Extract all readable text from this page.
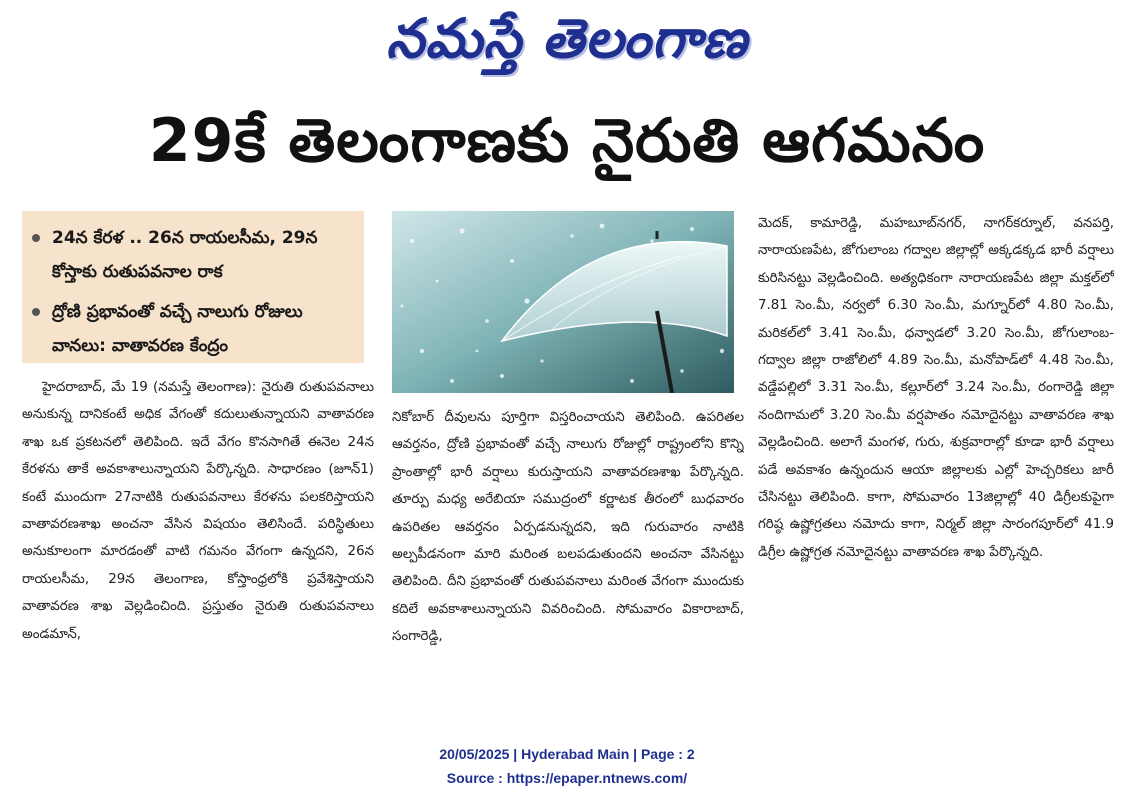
నమస్తే తెలంగాణ
29కే తెలంగాణకు నైరుతి ఆగమనం
24న కేరళ .. 26న రాయలసీమ, 29న కోస్తాకు రుతుపవనాల రాక
ద్రోణి ప్రభావంతో వచ్చే నాలుగు రోజులు వానలు: వాతావరణ కేంద్రం

హైదరాబాద్, మే 19 (నమస్తే తెలంగాణ): నైరుతి రుతుపవనాలు అనుకున్న దానికంటే అధిక వేగంతో కదులుతున్నాయని వాతావరణ శాఖ ఒక ప్రకటనలో తెలిపింది. ఇదే వేగం కొనసాగితే ఈనెల 24న కేరళను తాకే అవకాశాలున్నాయని పేర్కొన్నది. సాధారణం (జూన్1) కంటే ముందుగా 27నాటికి రుతుపవనాలు కేరళను పలకరిస్తాయని వాతావరణశాఖ అంచనా వేసిన విషయం తెలిసిందే. పరిస్థితులు అనుకూలంగా మారడంతో వాటి గమనం వేగంగా ఉన్నదని, 26న రాయలసీమ, 29న తెలంగాణ, కోస్తాంధ్రలోకి ప్రవేశిస్తాయని వాతావరణ శాఖ వెల్లడించింది. ప్రస్తుతం నైరుతి రుతుపవనాలు అండమాన్,

నికోబార్ దీవులను పూర్తిగా విస్తరించాయని తెలిపింది. ఉపరితల ఆవర్తనం, ద్రోణి ప్రభావంతో వచ్చే నాలుగు రోజుల్లో రాష్ట్రంలోని కొన్ని ప్రాంతాల్లో భారీ వర్షాలు కురుస్తాయని వాతావరణశాఖ పేర్కొన్నది. తూర్పు మధ్య అరేబియా సముద్రంలో కర్ణాటక తీరంలో బుధవారం ఉపరితల ఆవర్తనం ఏర్పడనున్నదని, ఇది గురువారం నాటికి అల్పపీడనంగా మారి మరింత బలపడుతుందని అంచనా వేసినట్టు తెలిపింది. దీని ప్రభావంతో రుతుపవనాలు మరింత వేగంగా ముందుకు కదిలే అవకాశాలున్నాయని వివరించింది. సోమవారం వికారాబాద్, సంగారెడ్డి,

మెదక్, కామారెడ్డి, మహబూబ్‌నగర్, నాగర్‌కర్నూల్, వనపర్తి, నారాయణపేట, జోగులాంబ గద్వాల జిల్లాల్లో అక్కడక్కడ భారీ వర్షాలు కురిసినట్టు వెల్లడించింది. అత్యధికంగా నారాయణపేట జిల్లా మక్తల్‌లో 7.81 సెం.మీ, నర్వలో 6.30 సెం.మీ, మగ్నూర్‌లో 4.80 సెం.మీ, మరికల్‌లో 3.41 సెం.మీ, ధన్వాడలో 3.20 సెం.మీ, జోగులాంబ-గద్వాల జిల్లా రాజోలిలో 4.89 సెం.మీ, మనోపాడ్‌లో 4.48 సెం.మీ, వడ్డేపల్లిలో 3.31 సెం.మీ, కల్లూర్‌లో 3.24 సెం.మీ, రంగారెడ్డి జిల్లా నందిగామలో 3.20 సెం.మీ వర్షపాతం నమోదైనట్టు వాతావరణ శాఖ వెల్లడించింది. అలాగే మంగళ, గురు, శుక్రవారాల్లో కూడా భారీ వర్షాలు పడే అవకాశం ఉన్నందున ఆయా జిల్లాలకు ఎల్లో హెచ్చరికలు జారీ చేసినట్టు తెలిపింది. కాగా, సోమవారం 13జిల్లాల్లో 40 డిగ్రీలకుపైగా గరిష్ఠ ఉష్ణోగ్రతలు నమోదు కాగా, నిర్మల్ జిల్లా సారంగపూర్‌లో 41.9 డిగ్రీల ఉష్ణోగ్రత నమోదైనట్టు వాతావరణ శాఖ పేర్కొన్నది.

20/05/2025 | Hyderabad Main | Page : 2
Source : https://epaper.ntnews.com/
